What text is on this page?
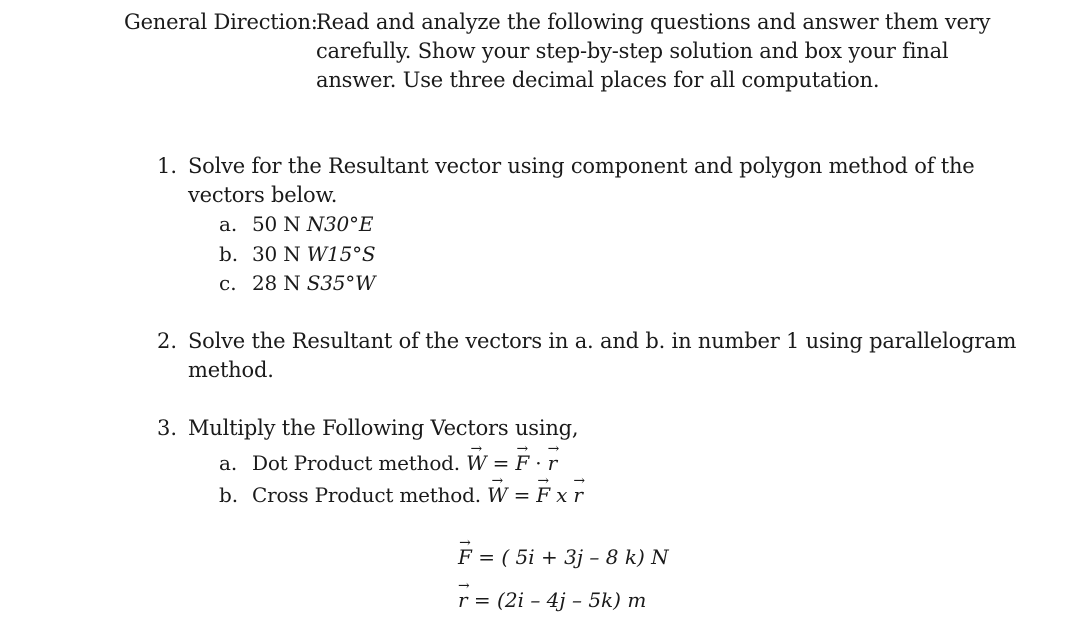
General Direction:
Read and analyze the following questions and answer them very
carefully. Show your step-by-step solution and box your final
answer. Use three decimal places for all computation.
1. Solve for the Resultant vector using component and polygon method of the
vectors below.
a. 50 N N30°E
b. 30 N W15°S
c. 28 N S35°W
2. Solve the Resultant of the vectors in a. and b. in number 1 using parallelogram
method.
3. Multiply the Following Vectors using,
a. Dot Product method. → W = → F · → r
b. Cross Product method. → W = → F x → r
→ F = ( 5i + 3j – 8 k) N
→ r = (2i – 4j – 5k) m
